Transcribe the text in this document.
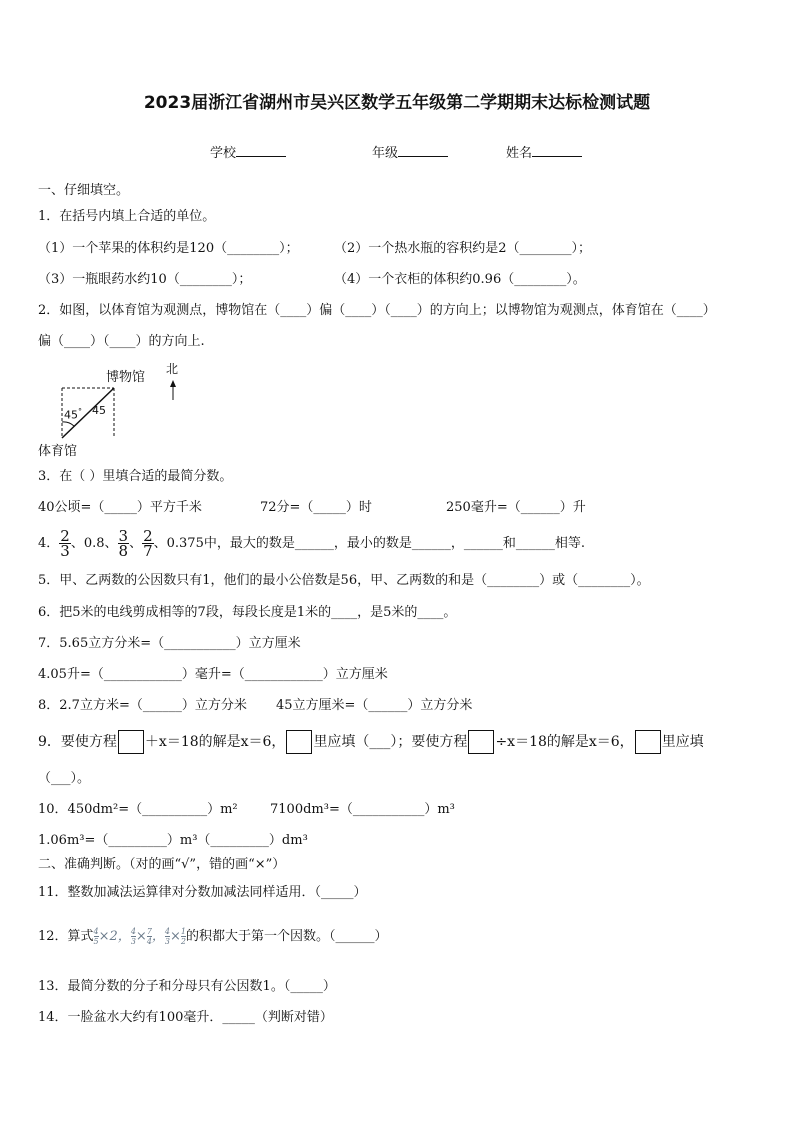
2023届浙江省湖州市吴兴区数学五年级第二学期期末达标检测试题
学校	年级	姓名
一、仔细填空。
1．在括号内填上合适的单位。
（1）一个苹果的体积约是120（________）；	（2）一个热水瓶的容积约是2（________）；
（3）一瓶眼药水约10（________）；	（4）一个衣柜的体积约0.96（________）。
2．如图，以体育馆为观测点，博物馆在（____）偏（____）（____）的方向上；以博物馆为观测点，体育馆在（____）
偏（____）（____）的方向上.
博物馆
体育馆
北
45° 45
3．在（ ）里填合适的最简分数。
40公顷=（_____）平方千米	72分=（_____）时	250毫升=（______）升
4． $\frac{2}{3}$ 、0.8、 $\frac{3}{8}$ 、 $\frac{2}{7}$ 、0.375中，最大的数是______，最小的数是______，______和______相等.
5．甲、乙两数的公因数只有1，他们的最小公倍数是56，甲、乙两数的和是（________）或（________）。
6．把5米的电线剪成相等的7段，每段长度是1米的____，是5米的____。
7．5.65立方分米=（___________）立方厘米
4.05升=（____________）毫升=（____________）立方厘米
8．2.7立方米=（______）立方分米 45立方厘米=（______）立方分米
9．要使方程 ＋x＝18的解是x＝6， 里应填（___）；要使方程 ÷x＝18的解是x＝6， 里应填
（___）。
10．450dm²=（__________）m² 7100dm³=（___________）m³
1.06m³=（_________）m³（_________）dm³
二、准确判断。（对的画“√”，错的画“×”）
11．整数加减法运算律对分数加减法同样适用．（_____）
12．算式 $\frac{4}{5} \times 2$， $\frac{4}{3} \times \frac{7}{4}$ ， $\frac{4}{3} \times \frac{1}{2}$ 的积都大于第一个因数。（______）
13．最简分数的分子和分母只有公因数1。（_____）
14．一脸盆水大约有100毫升．_____（判断对错）
